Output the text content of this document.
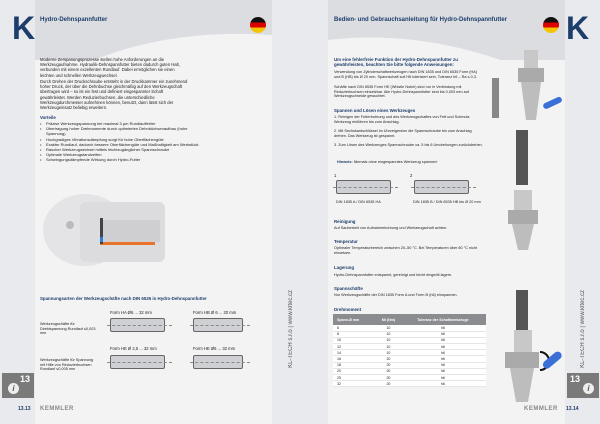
K Hydro-Dehnspannfutter
Moderne Zerspanungsprozesse stellen hohe Anforderungen an die Werkzeugaufnahme. Hydraulik-Dehnspannfutter bieten dadurch guten Halt, verbunden mit einem exzellenten Rundlauf. Dabei ermöglichen sie einen leichten und schnellen Werkzeugwechsel.
Durch Drehen der Druckschraube entsteht in der Druckkammer ein zunehmend hoher Druck, der über die Dehnbuchse gleichmäßig auf den Werkzeugschaft übertragen wird – so ist ein fest und definiert eingespannter Schaft gewährleistet. Werden Reduzierbuchsen, die unterschiedliche Werkzeugdurchmesser aufnehmen können, benutzt, dann lässt sich der Werkzeugeinsatz beliebig erweitern.
Vorteile
• Präzise Werkzeugspannung bei maximal 3 µm Rundlauffehler
• Übertragung hoher Drehmomente durch optimierten Dehnbüchsenaufbau (hohe Spannung)
• Hochgradiges Vibrationsdämpfung sorgt für hohe Oberflächengüte
• Exakter Rundlauf, dadurch bessere Oberflächengüte und Maßhaltigkeit am Werkstück
• Rascher Werkzeugwechsel mittels leichtzugänglicher Spannschraube
• Optimale Werkzeugstandzeiten
• Schwingungsdämpfende Wirkung durch Hydro-Futter
Spannungsarten der Werkzeugschäfte nach DIN 6535 in Hydro-Dehnspannfutter
Werkzeugschäfte für Direktspannung Rundlauf ≤0,003 mm
Werkzeugschäfte für Spannung mit Hilfe von Reduzierbuchsen Rundlauf ≤0,005 mm
Form HA Ø6 ... 32 mm	Form HB Ø 6 ... 20 mm
Form HE Ø 2,5 ... 32 mm	Form HE Ø6 ... 32 mm
13
i
13.13 KEMMLER
Bedien- und Gebrauchsanleitung für Hydro-Dehnspannfutter K
Um eine fehlerfreie Funktion der Hydro-Dehnspannfutter zu gewährleisten, beachten Sie bitte folgende Anweisungen:
Verwendung von Zylinderschaftwerkzeugen nach DIN 1835 und DIN 6535 Form (HA) und B (HB) bis Ø 20 mm. Spannschaft soll H6 tolerisiert sein, Toleranz h6 – Ra ≤ 0,3.
Schäfte nach DIN 6535 Form HE (Whistle Notch) sind nur in Verbindung mit Reduzierbuchsen einsetzbar. Alle Hydro-Dehnspannfutter sind bis 0,003 mm auf Werkzeugschneide gewuchtet.
Spannen und Lösen eines Werkzeuges
1. Reinigen der Futterbohrung und des Werkzeugschaftes von Fett und Schmutz. Werkzeug einführen bis zum Anschlag.
2. Mit Sechskantschlüssel im Uhrzeigersinn die Spannschraube bis zum Anschlag drehen. Das Werkzeug ist gespannt.
3. Zum Lösen des Werkzeuges Spannschraube ca. 5 bis 6 Umdrehungen zurückdrehen.
Hinweis: Niemals ohne eingespanntes Werkzeug spannen!
1	2
DIN 1835 A / DIN 6535 HA	DIN 1835 B / DIN 6535 HB bis Ø 20 mm
Reinigung
Auf Sauberkeit von Aufnahmebohrung und Werkzeugschaft achten.
Temperatur
Optimaler Temperaturbereich zwischen 20–50 °C. Bei Temperaturen über 80 °C nicht einsetzen.
Lagerung
Hydro-Dehnspannfutter entspannt, gereinigt und leicht eingeölt lagern.
Spannschäfte
Nur Werkzeugschäfte der DIN 1835 Form A und Form B (h6) einspannen.
Drehmoment
Spann-Ø mm	Mt (Nm)	Toleranz der Schaftwerkzeuge
6	10	h6
8	10	h6
10	10	h6
12	10	h6
14	10	h6
16	20	h6
18	20	h6
20	20	h6
25	20	h6
32	20	h6	13
i
KEMMLER 13.14
KL-TECH s.r.o | www.kltec.cz	KL-TECH s.r.o | www.kltec.cz
